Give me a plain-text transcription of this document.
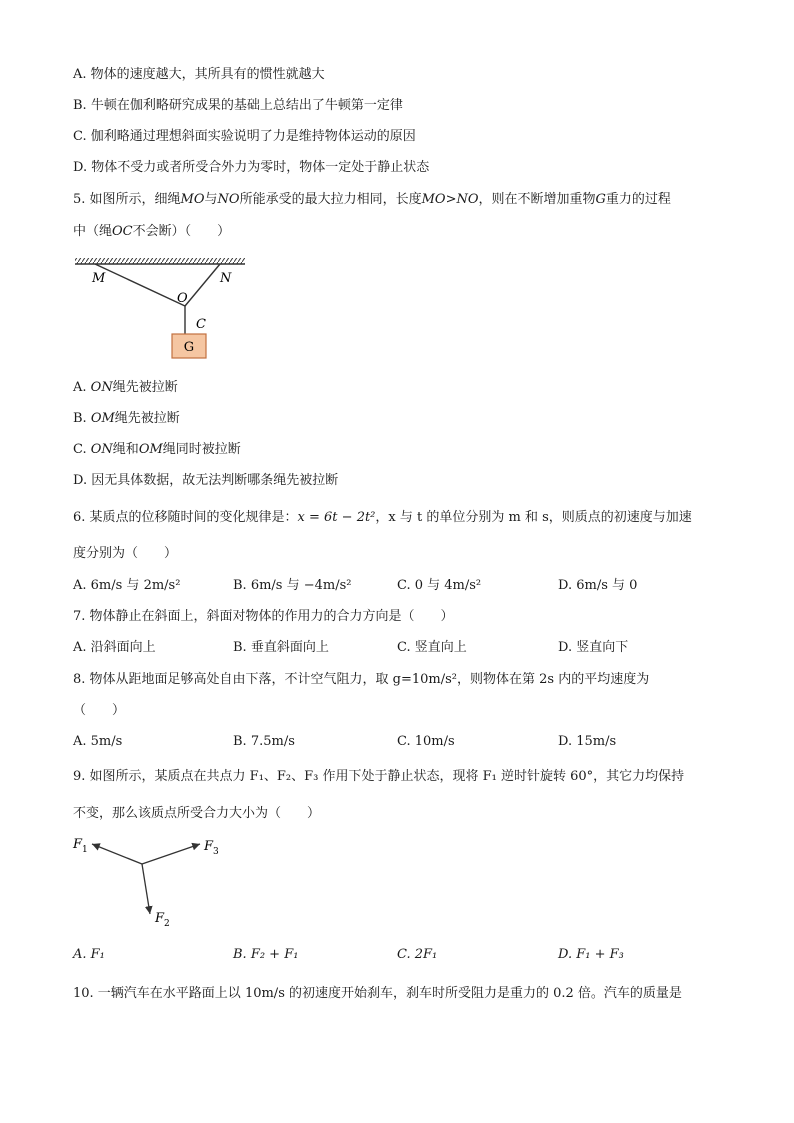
A. 物体的速度越大，其所具有的惯性就越大
B. 牛顿在伽利略研究成果的基础上总结出了牛顿第一定律
C. 伽利略通过理想斜面实验说明了力是维持物体运动的原因
D. 物体不受力或者所受合外力为零时，物体一定处于静止状态
5. 如图所示，细绳MO与NO所能承受的最大拉力相同，长度MO>NO，则在不断增加重物G重力的过程
中（绳OC不会断）（　　）
M	N
O
C
G
A. ON绳先被拉断
B. OM绳先被拉断
C. ON绳和OM绳同时被拉断
D. 因无具体数据，故无法判断哪条绳先被拉断
6. 某质点的位移随时间的变化规律是：x = 6t − 2t²，x 与 t 的单位分别为 m 和 s，则质点的初速度与加速
度分别为（　　）
A. 6m/s 与 2m/s²	B. 6m/s 与 −4m/s²	C. 0 与 4m/s²	D. 6m/s 与 0
7. 物体静止在斜面上，斜面对物体的作用力的合力方向是（　　）
A. 沿斜面向上	B. 垂直斜面向上	C. 竖直向上	D. 竖直向下
8. 物体从距地面足够高处自由下落，不计空气阻力，取 g=10m/s²，则物体在第 2s 内的平均速度为
（　　）
A. 5m/s	B. 7.5m/s	C. 10m/s	D. 15m/s
9. 如图所示，某质点在共点力 F₁、F₂、F₃ 作用下处于静止状态，现将 F₁ 逆时针旋转 60°，其它力均保持
不变，那么该质点所受合力大小为（　　）
$F_1$	$F_3$
$F_2$
A. F₁	B. F₂ + F₁	C. 2F₁	D. F₁ + F₃
10. 一辆汽车在水平路面上以 10m/s 的初速度开始刹车，刹车时所受阻力是重力的 0.2 倍。汽车的质量是
